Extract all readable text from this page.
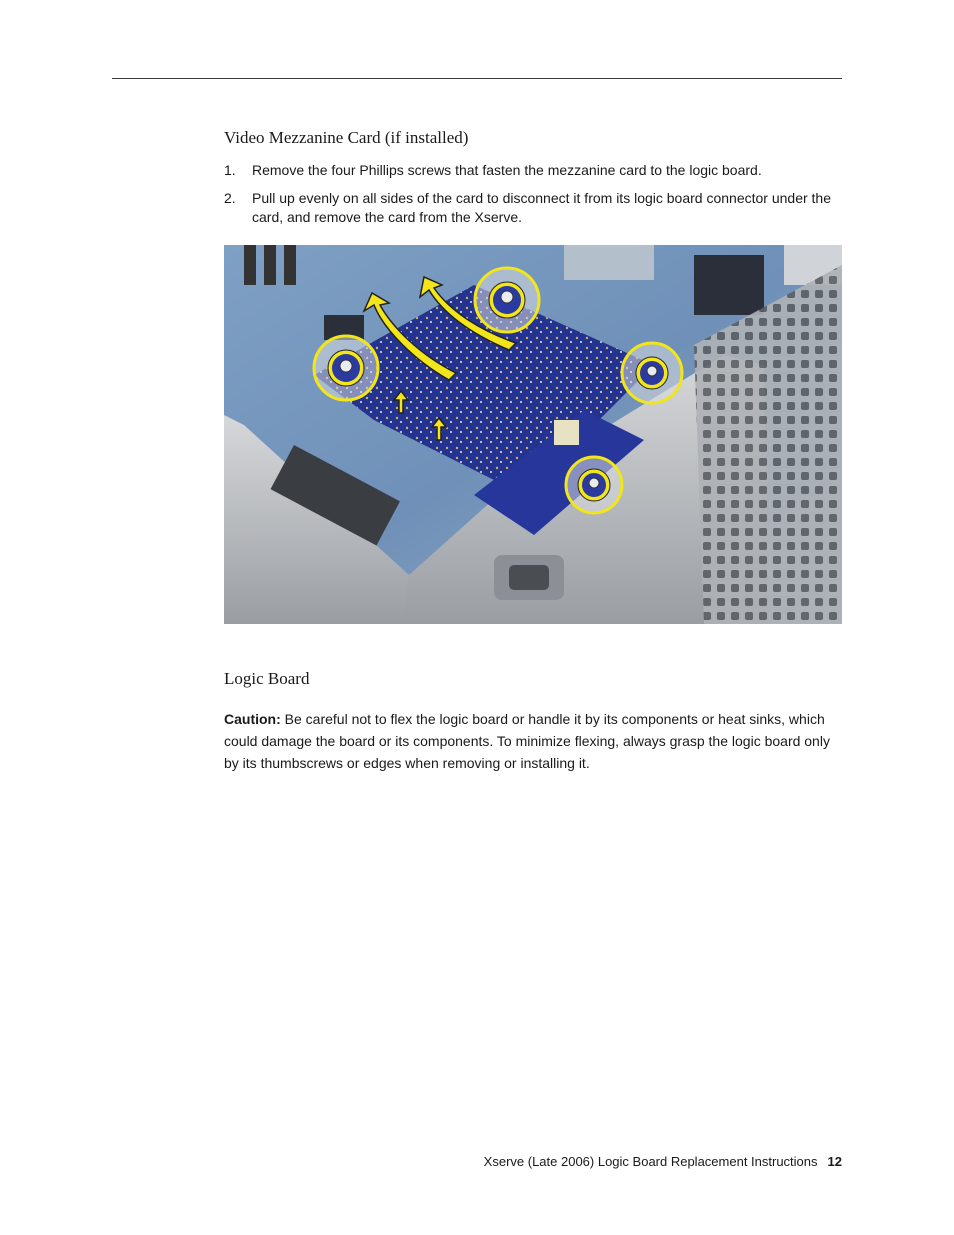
Video Mezzanine Card (if installed)
1. Remove the four Phillips screws that fasten the mezzanine card to the logic board.
2. Pull up evenly on all sides of the card to disconnect it from its logic board connector under the card, and remove the card from the Xserve.
Logic Board
Caution: Be careful not to flex the logic board or handle it by its components or heat sinks, which could damage the board or its components. To minimize flexing, always grasp the logic board only by its thumbscrews or edges when removing or installing it.
Xserve (Late 2006) Logic Board Replacement Instructions 12
